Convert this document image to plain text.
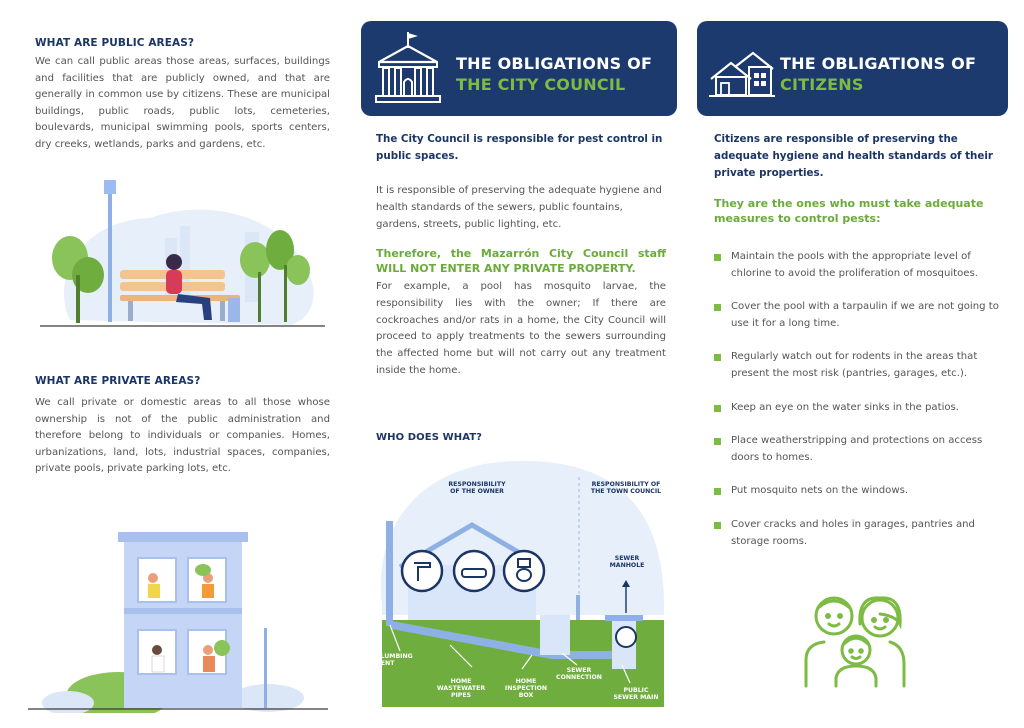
WHAT ARE PUBLIC AREAS?
We can call public areas those areas, surfaces, buildings and facilities that are publicly owned, and that are generally in common use by citizens. These are municipal buildings, public roads, public lots, cemeteries, boulevards, municipal swimming pools, sports centers, dry creeks, wetlands, parks and gardens, etc.
WHAT ARE PRIVATE AREAS?
We call private or domestic areas to all those whose ownership is not of the public administration and therefore belong to individuals or companies. Homes, urbanizations, land, lots, industrial spaces, companies, private pools, private parking lots, etc.
THE OBLIGATIONS OF
THE CITY COUNCIL
The City Council is responsible for pest control in public spaces.
It is responsible of preserving the adequate hygiene and health standards of the sewers, public fountains, gardens, streets, public lighting, etc.
Therefore, the Mazarrón City Council staff WILL NOT ENTER ANY PRIVATE PROPERTY.
For example, a pool has mosquito larvae, the responsibility lies with the owner; If there are cockroaches and/or rats in a home, the City Council will proceed to apply treatments to the sewers surrounding the affected home but will not carry out any treatment inside the home.
WHO DOES WHAT?
RESPONSIBILITY
OF THE OWNER
RESPONSIBILITY OF
THE TOWN COUNCIL
SEWER
MANHOLE
PLUMBING
VENT
HOME
WASTEWATER
PIPES
HOME
INSPECTION
BOX
SEWER
CONNECTION
PUBLIC
SEWER MAIN
THE OBLIGATIONS OF
CITIZENS
Citizens are responsible of preserving the adequate hygiene and health standards of their private properties.
They are the ones who must take adequate measures to control pests:
Maintain the pools with the appropriate level of chlorine to avoid the proliferation of mosquitoes.
Cover the pool with a tarpaulin if we are not going to use it for a long time.
Regularly watch out for rodents in the areas that present the most risk (pantries, garages, etc.).
Keep an eye on the water sinks in the patios.
Place weatherstripping and protections on access doors to homes.
Put mosquito nets on the windows.
Cover cracks and holes in garages, pantries and storage rooms.
